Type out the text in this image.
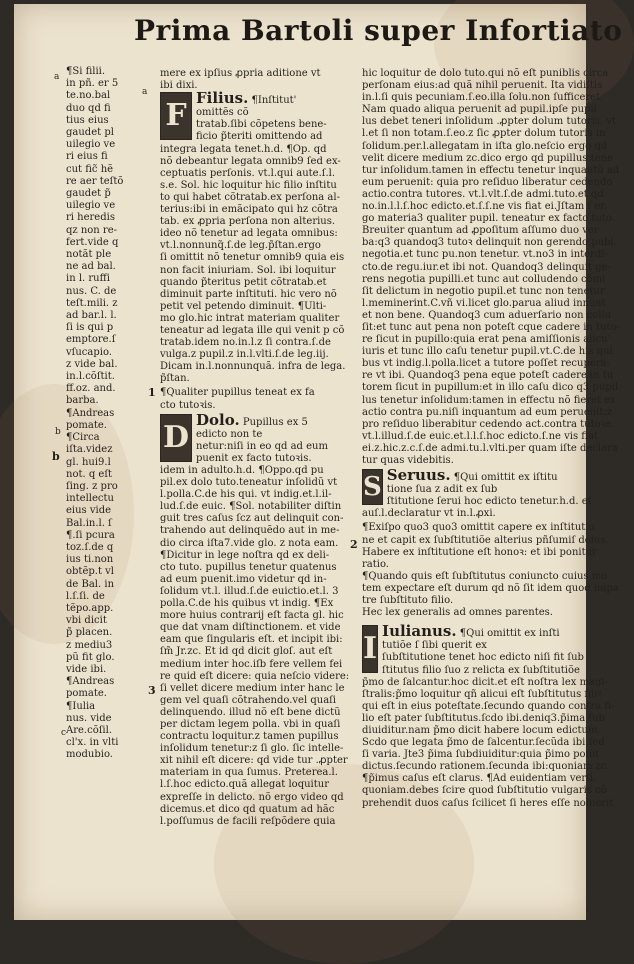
Prima Bartoli super Infortiato
a
a
b
c
1
2
3
b
¶Si filii.
in pñ. er 5
te.no.bal
duo qd fi
tius eius
gaudet pl
uilegio ve
ri eius fi
cut fic̃ hẽ
re aer teſtõ
gaudet p̃
uilegio ve
ri heredis
qz non re-
fert.vide q
notãt ple
ne ad bal.
in l. ruffi
nus. C. de
teſt.mili. z
ad bar.l. l.
ſi is qui p
emptore.ſ
vſucapio.
z vide bal.
in.l.cõſtit.
ff.oz. and.
barba.
¶Andreas
pomate.
¶Circa
iſta.videz
gl. hui9.l
not. q eſt
ſing. z pro
intellectu
eius vide
Bal.in.l. ſ
¶.ſi pcura
toz.ſ.de q
ius ti.non
obtẽp.t vl
de Bal. in
l.ſ.ſi. de
tẽpo.app.
vbi dicit
p̃ placen.
z mediu3
pũ fit glo.
vide ibi.
¶Andreas
pomate.
¶Iulia
nus. vide
Are.cõſil.
cl'x. in vlti
modubio.
mere ex ipſius ꝓpria aditione vt
ibi dixi.
F Filius. ¶Inſtitut'
omittẽs cõ
tratab.ſibi cõpetens bene-
ficio p̃teriti omittendo ad
integra legata tenet.h.d. ¶Op. qd
nõ debeantur legata omnib9 ſed ex-
ceptuatis perſonis. vt.l.qui aute.ſ.l.
s.e. Sol. hic loquitur hic filio inſtitu
to qui habet cõtratab.ex perſona al-
terius:ibi in emãcipato qui hz cõtra
tab. ex ꝓpria perſona non alterius.
ideo nõ tenetur ad legata omnibus:
vt.l.nonnunq̃.ſ.de leg.p̃ſtan.ergo
ſi omittit nõ tenetur omnib9 quia eis
non facit iniuriam. Sol. ibi loquitur
quando p̃teritus petit cõtratab.et
diminuit parte inſtituti. hic vero nõ
petit vel petendo diminuit. ¶Ulti-
mo glo.hic intrat materiam qualiter
teneatur ad legata ille qui venit p cõ
tratab.idem no.in.l.z ſi contra.ſ.de
vulga.z pupil.z in.l.vlti.ſ.de leg.iij.
Dicam in.l.nonnunquã. infra de lega.
p̃ſtan.
¶Qualiter pupillus teneat ex fa
cto tutoꝛis.
D Dolo. Pupillus ex 5
edicto non te
netur:niſi in eo qd ad eum
puenit ex facto tutoꝛis.
idem in adulto.h.d. ¶Oppo.qd pu
pil.ex dolo tuto.teneatur inſolidũ vt
l.polla.C.de his qui. vt indig.et.l.il-
lud.ſ.de euic. ¶Sol. notabiliter diſtin
guit tres caſus ſcz aut delinquit con-
trahendo aut delinquẽdo aut in me-
dio circa iſta7.vide glo. z nota eam.
¶Dicitur in lege noſtra qd ex deli-
cto tuto. pupillus tenetur quatenus
ad eum puenit.imo videtur qd in-
ſolidum vt.l. illud.ſ.de euictio.et.l. 3
polla.C.de his quibus vt indig. ¶Ex
more huius contrarij eſt facta gl. hic
que dat vnam diſtinctionem. et vide
eam que ſingularis eſt. et incipit ibi:
ſm̃ Jr.zc. Et id qd dicit gloſ. aut eſt
medium inter hoc.iſb fere vellem fei
re quid eſt dicere: quia neſcio videre:
ſi vellet dicere medium inter hanc le
gem vel quaſi cõtrahendo.vel quaſi
delinquendo. illud nõ eſt bene dictũ
per dictam legem polla. vbi in quaſi
contractu loquitur.z tamen pupillus
inſolidum tenetur:z ſi glo. ſic intelle-
xit nihil eſt dicere: qd vide tur .ꝓpter
materiam in qua ſumus. Preterea.l.
l.ſ.hoc edicto.quã allegat loquitur
expreſſe in delicto. nõ ergo video qd
dicemus.et dico qd quatum ad hãc
l.poſſumus de facili reſpõdere quia
hic loquitur de dolo tuto.qui nõ eſt puniblis circa
perſonam eius:ad quã nihil peruenit. Ita vidiſtis
in.l.ſi quis pecuniam.ſ.eo.illa ſolu.non ſufficeret.
Nam quado aliqua peruenit ad pupil.ipſe pupil
lus debet teneri inſolidum .ꝓpter dolum tutoris. vt
l.et ſi non totam.ſ.eo.z ſic ꝓpter dolum tutoris in
ſolidum.per.l.allegatam in iſta glo.neſcio ergo qd
velit dicere medium zc.dico ergo qd pupillus tene
tur inſolidum.tamen in effectu tenetur inquantũ ad
eum peruenit: quia pro reſiduo liberatur cedendo
actio.contra tutores. vt.l.vlt.ſ.de admi.tuto.et qd
no.in.l.l.ſ.hoc edicto.et.ſ.ſ.ne vis fiat ei.Jſtam ſ er.
go materia3 qualiter pupil. teneatur ex facto tuto.
Breuiter quantum ad ꝓpoſitum aſſumo duo ver
ba:q3 quandoq3 tutoꝛ delinquit non gerendo publ.
negotia.et tunc pu.non tenetur. vt.no3 in interdi-
cto.de regu.iur.et ibi not. Quandoq3 delinquit ge-
rens negotia pupilli.et tunc aut colludendo cõmi
ſit delictum in negotio pupil.et tunc non tenetur
l.meminerint.C.vñ vi.licet glo.parua aliud innuat
et non bene. Quandoq3 cum aduerſario non collu
ſit:et tunc aut pena non poteſt cque cadere in tuto-
re ſicut in pupillo:quia erat pena amiſſionis alicu'
iuris et tunc illo caſu tenetur pupil.vt.C.de his qui
bus vt indig.l.polla.licet a tutore poſſet recupera-
re vt ibi. Quandoq3 pena eque poteſt cadere in tu
torem ſicut in pupillum:et in illo caſu dico q3 pupil
lus tenetur inſolidum:tamen in effectu nõ fieret ex
actio contra pu.niſi inquantum ad eum peruenit:z
pro reſiduo liberabitur cedendo act.contra tutoꝛe.
vt.l.illud.ſ.de euic.et.l.l.ſ.hoc edicto.ſ.ne vis fiat
ei.z.hic.z.c.ſ.de admi.tu.l.vlti.per quam iſte declara
tur quas videbitis.
S Seruus. ¶Qui omittit ex iſtitu
tione ſua z adit ex ſub
ſtitutione ſerui hoc edicto tenetur.h.d. et
auſ.l.declaratur vt in.l.ꝓxi.
¶Exiſpo quo3 quo3 omittit capere ex inſtitutio
ne et capit ex ſubſtitutiõe alterius pñſumiſ dolus.
Habere ex inſtitutione eſt honoꝛ: et ibi ponitur
ratio.
¶Quando quis eſt ſubſtitutus coniuncto cuius mo
tem expectare eſt durum qd nõ ſit idem quod impa
tre ſubſtituto filio.
Hec lex generalis ad omnes parentes.
I Iulianus. ¶Qui omittit ex inſti
tutiõe ſ ſibi querit ex
ſubſtitutione tenet hoc edicto niſi fit ſub
ſtitutus filio ſuo z relicta ex ſubſtitutiõe
p̃mo de ſalcantur.hoc dicit.et eſt noſtra lex magi-
ſtralis:p̃mo loquitur qñ alicui eſt ſubſtitutus filiꝰ
qui eſt in eius poteſtate.ſecundo quando contra fi-
lio eſt pater ſubſtitutus.ſcdo ibi.deniq3.p̃ima ſub
diuiditur.nam p̃mo dicit habere locum edictum.
Scdo que legata p̃mo de ſalcentur.ſecũda ibi:ſed
ſi varia. Jte3 p̃ima ſubdiuiditur:quia p̃imo ponit
dictus.ſecundo rationem.ſecunda ibi:quoniam zc.
¶p̃imus caſus eſt clarus. ¶Ad euidentiam verſi.
quoniam.debes ſcire quod ſubſtitutio vulgaris cõ
prehendit duos caſus ſcilicet ſi heres eſſe noluerit
